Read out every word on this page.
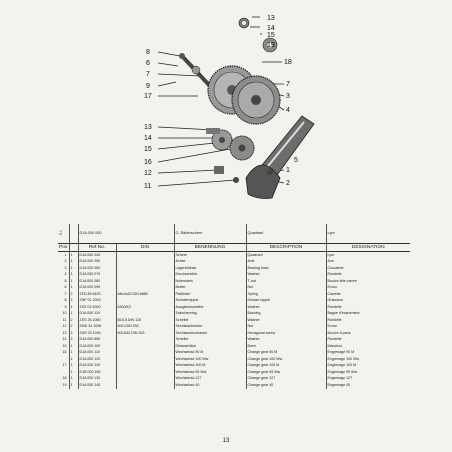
13
14
15
19
18
7
3
4
5
1
2
8
6
7
9
17
13
14
15
16
12
11
9-1		D1A 000 000		G. Räderschere	Quadrant	Lyre
Pos		Ref.No.	DIN	BENENNUNG	DESCRIPTION	DESIGNATION
1	1	D1A 000 040		Schere	Quadrant	Lyre
2	1	D1A 000 050		Achse	Axle	Axe
3	1	D1A 000 060		Lagerbüchse	Bearing bush	Coussinet
4	1	D1A 000 070		Druckscheibe	Washer	Rondelle
5	1	D1A 000 080		Nutenstein	T-nut	Boulon tête carrée
6	1	D1A 000 090		Mutter	Nut	Ecrou
7	2	ZFD 85 6420	A6x4x20 DIN 6885	Paßfeder	Spring	Clavette
8	2	ZNP 01 2000		Schmiernippel	Grease nipple	Graisseur
9	1	ZSS 02 6300	6300/K2	Ausgleichscheibe	Washer	Rondelle
10	1	D1A 000 110		Zwischenring	Bushing	Bague d'écartement
11	2	ZSS 25 1050	B10,5 DIN 125	Scheibe	Washer	Rondelle
12	2	ZMU 34 1006	M10 DIN 934	Sechskantmutter	Nut	Ecrou
13	2	ZSR 33 1030	M10x30 DIN 933	Sechskantschraube	Hexagonal screw	Boulon 6 pans
14	2	D1A 000 650		Scheibe	Washer	Rondelle
15	1	D1A 000 100		Distanzhülse	Bush	Manchon
16	1	D1A 000 110		Wechselrad 90 M	Change gear 90 M	Engrenage 90 M
	1	D1A 000 120		Wechselrad 100 Ww	Change gear 100 Ww	Engrenage 100 Ww
17	1	D1A 000 130		Wechselrad 100 M	Change gear 100 M	Engrenage 100 M
	1	D1B 000 180		Wechselrad 95 Ww	Change gear 95 Ww	Engrenage 95 Ww
18	1	D1A 000 130		Wechselrad 127	Change gear 127	Engrenage 127
19	1	D1A 000 140		Wechselrad 40	Change gear 40	Engrenage 40
13
